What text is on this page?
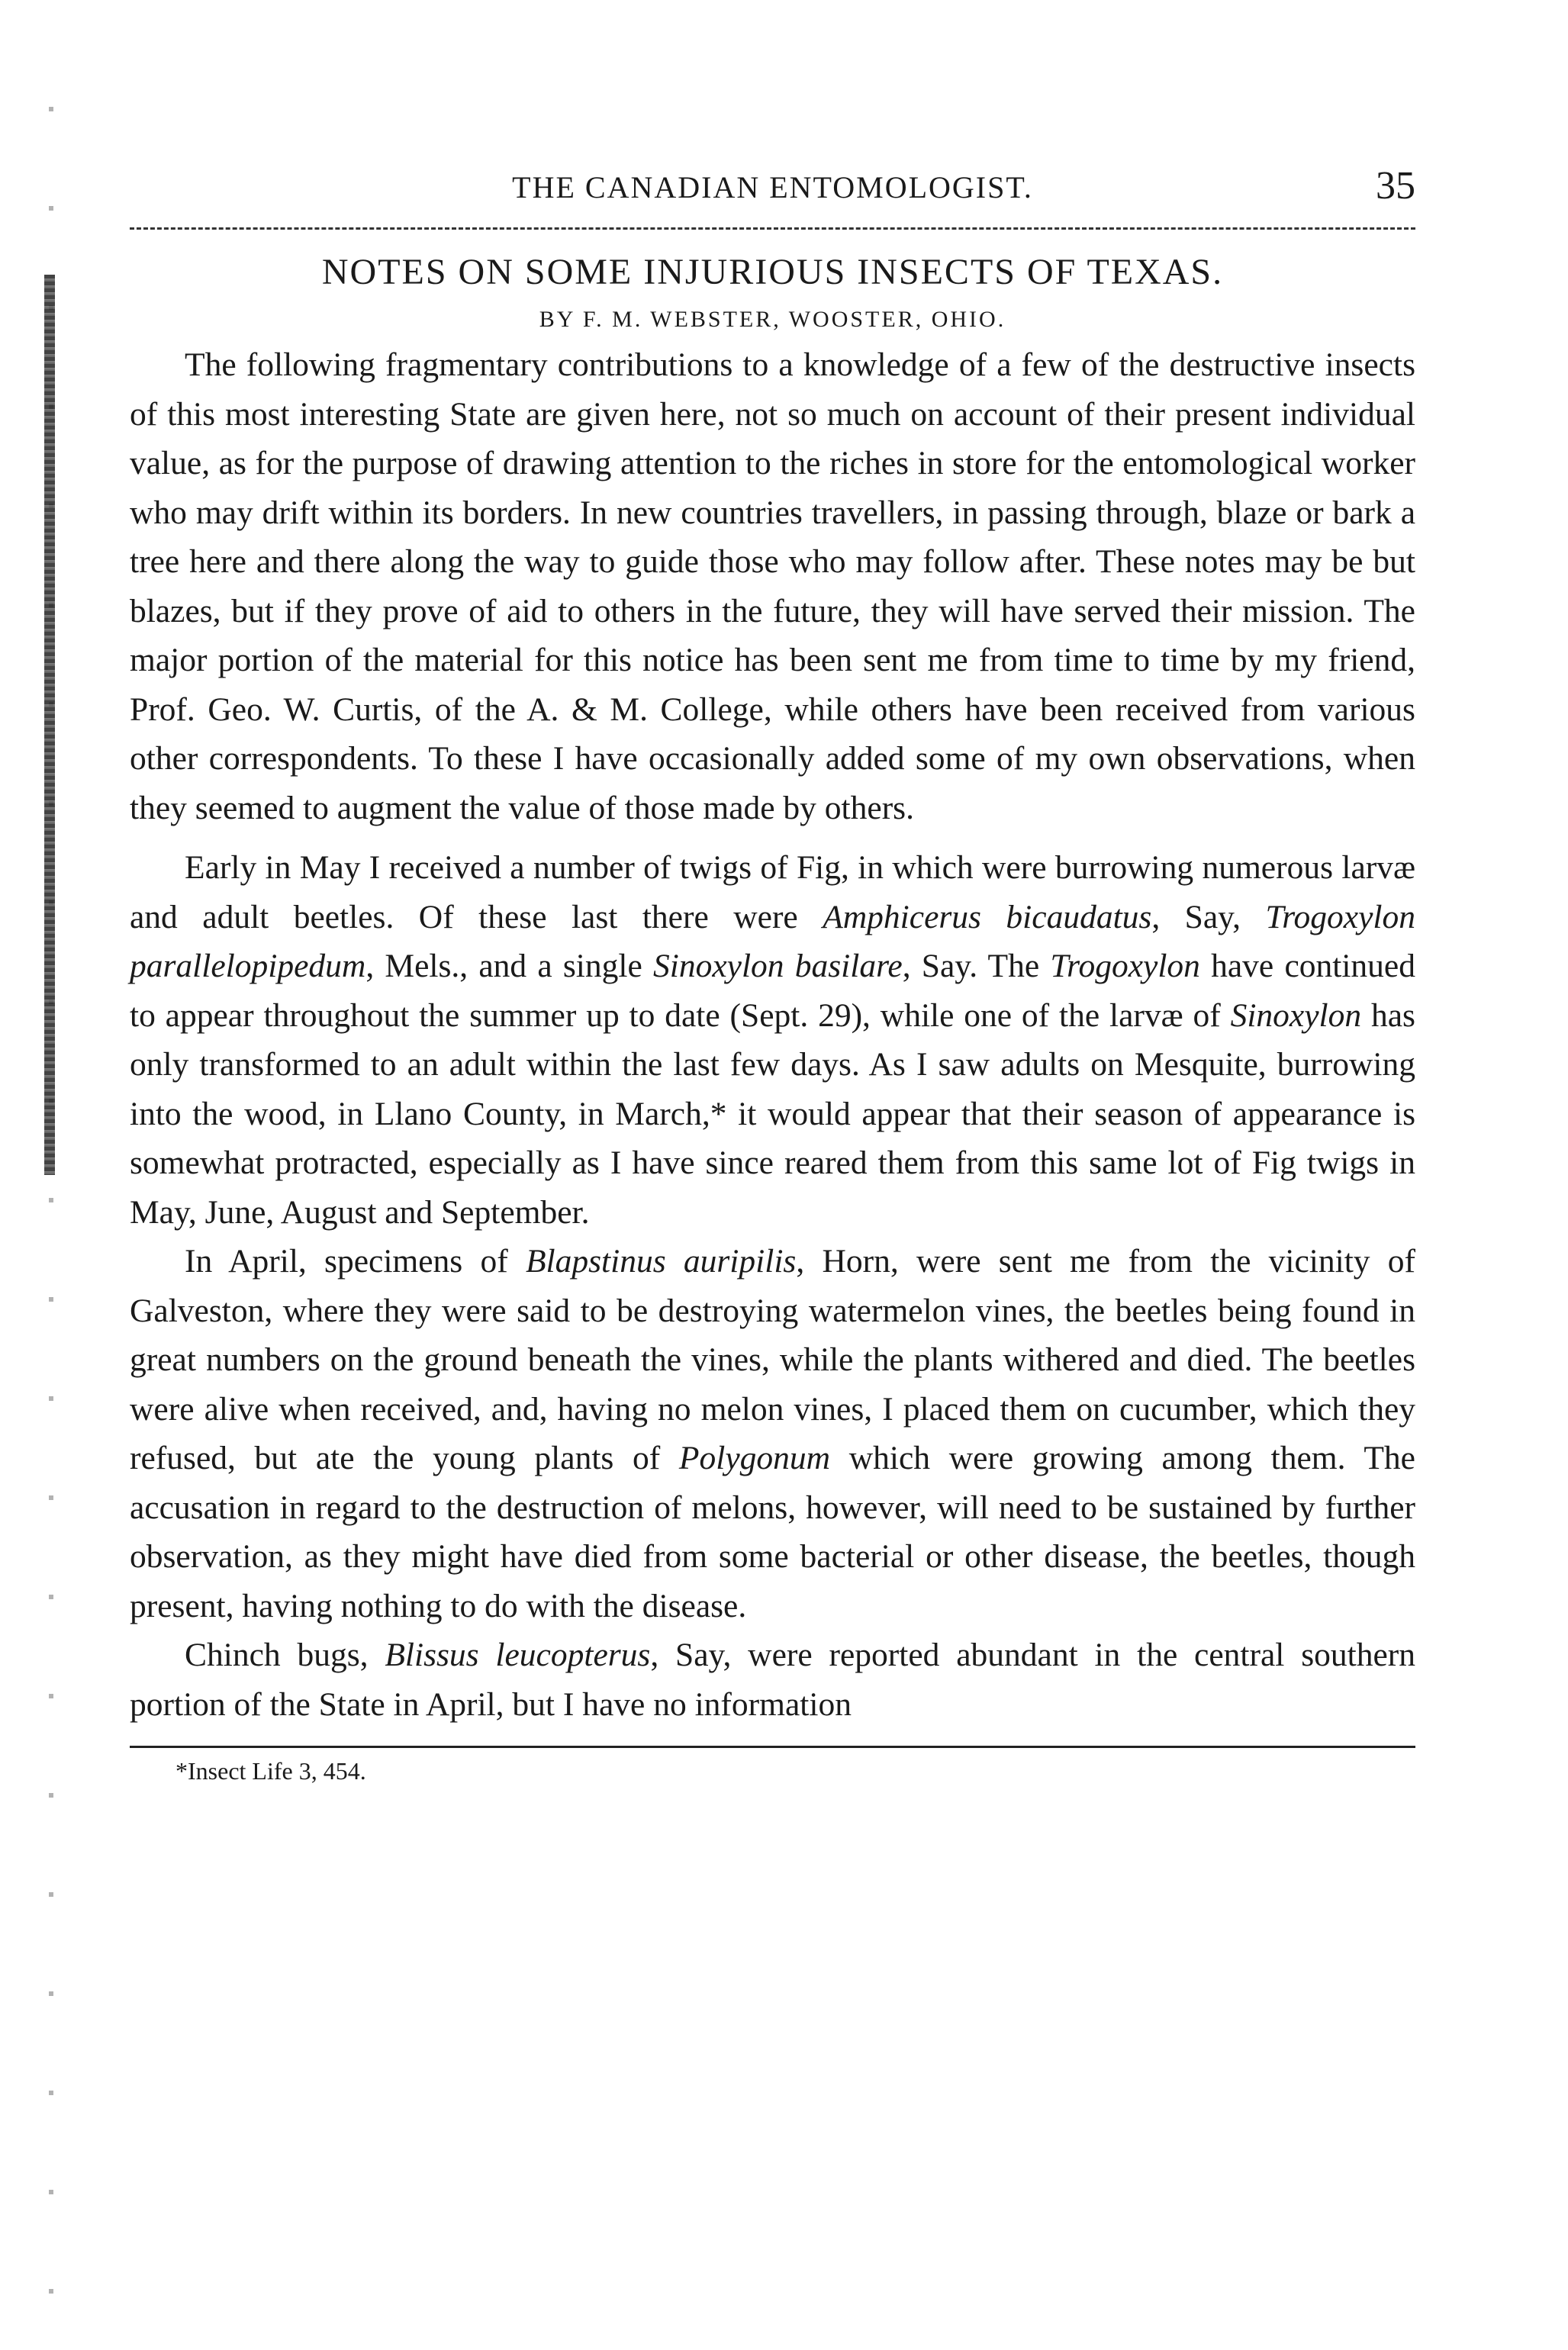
THE CANADIAN ENTOMOLOGIST.	35
NOTES ON SOME INJURIOUS INSECTS OF TEXAS.
BY F. M. WEBSTER, WOOSTER, OHIO.

The following fragmentary contributions to a knowledge of a few of the destructive insects of this most interesting State are given here, not so much on account of their present individual value, as for the purpose of drawing attention to the riches in store for the entomological worker who may drift within its borders. In new countries travellers, in passing through, blaze or bark a tree here and there along the way to guide those who may follow after. These notes may be but blazes, but if they prove of aid to others in the future, they will have served their mission. The major portion of the material for this notice has been sent me from time to time by my friend, Prof. Geo. W. Curtis, of the A. & M. College, while others have been received from various other correspondents. To these I have occasionally added some of my own observations, when they seemed to augment the value of those made by others.

Early in May I received a number of twigs of Fig, in which were burrowing numerous larvæ and adult beetles. Of these last there were Amphicerus bicaudatus, Say, Trogoxylon parallelopipedum, Mels., and a single Sinoxylon basilare, Say. The Trogoxylon have continued to appear throughout the summer up to date (Sept. 29), while one of the larvæ of Sinoxylon has only transformed to an adult within the last few days. As I saw adults on Mesquite, burrowing into the wood, in Llano County, in March,* it would appear that their season of appearance is somewhat protracted, especially as I have since reared them from this same lot of Fig twigs in May, June, August and September.

In April, specimens of Blapstinus auripilis, Horn, were sent me from the vicinity of Galveston, where they were said to be destroying watermelon vines, the beetles being found in great numbers on the ground beneath the vines, while the plants withered and died. The beetles were alive when received, and, having no melon vines, I placed them on cucumber, which they refused, but ate the young plants of Polygonum which were growing among them. The accusation in regard to the destruction of melons, however, will need to be sustained by further observation, as they might have died from some bacterial or other disease, the beetles, though present, having nothing to do with the disease.

Chinch bugs, Blissus leucopterus, Say, were reported abundant in the central southern portion of the State in April, but I have no information

*Insect Life 3, 454.
